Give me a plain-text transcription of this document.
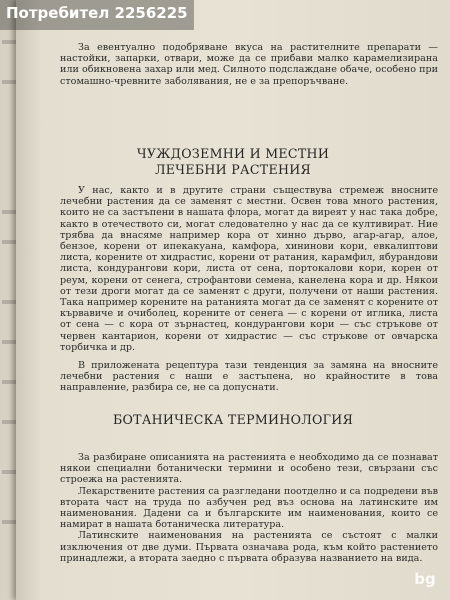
За евентуално подобряване вкуса на растителните препарати — настойки, запарки, отвари, може да се прибави малко карамелизирана или обикновена захар или мед. Силното подслаждане обаче, особено при стомашно-чревните заболявания, не е за препоръчване.

ЧУЖДОЗЕМНИ И МЕСТНИ
ЛЕЧЕБНИ РАСТЕНИЯ

У нас, както и в другите страни съществува стремеж вносните лечебни растения да се заменят с местни. Освен това много растения, които не са застъпени в нашата флора, могат да виреят у нас така добре, както в отечеството си, могат следователно у нас да се култивират. Ние трябва да внасяме например кора от хинно дърво, агар-агар, алое, бензое, корени от ипекакуана, камфора, хининови кори, евкалиптови листа, корените от хидрастис, корени от ратания, карамфил, ябурандови листа, кондурангови кори, листа от сена, портокалови кори, корен от реум, корени от сенега, строфантови семена, канелена кора и др. Някои от тези дроги могат да се заменят с други, получени от наши растения. Така например корените на ратанията могат да се заменят с корените от кървавиче и очиболец, корените от сенега — с корени от иглика, листа от сена — с кора от зърнастец, кондурангови кори — със стръкове от червен кантарион, корени от хидрастис — със стръкове от овчарска торбичка и др.

В приложената рецептура тази тенденция за замяна на вносните лечебни растения с наши е застъпена, но крайностите в това направление, разбира се, не са допуснати.

БОТАНИЧЕСКА ТЕРМИНОЛОГИЯ

За разбиране описанията на растенията е необходимо да се познават някои специални ботанически термини и особено тези, свързани със строежа на растенията.

Лекарствените растения са разгледани поотделно и са подредени във втората част на труда по азбучен ред въз основа на латинските им наименования. Дадени са и българските им наименования, които се намират в нашата ботаническа литература.

Латинските наименования на растенията се състоят с малки изключения от две думи. Първата означава рода, към който растението принадлежи, а втората заедно с първата образува названието на вида.

Потребител 2256225
bg
